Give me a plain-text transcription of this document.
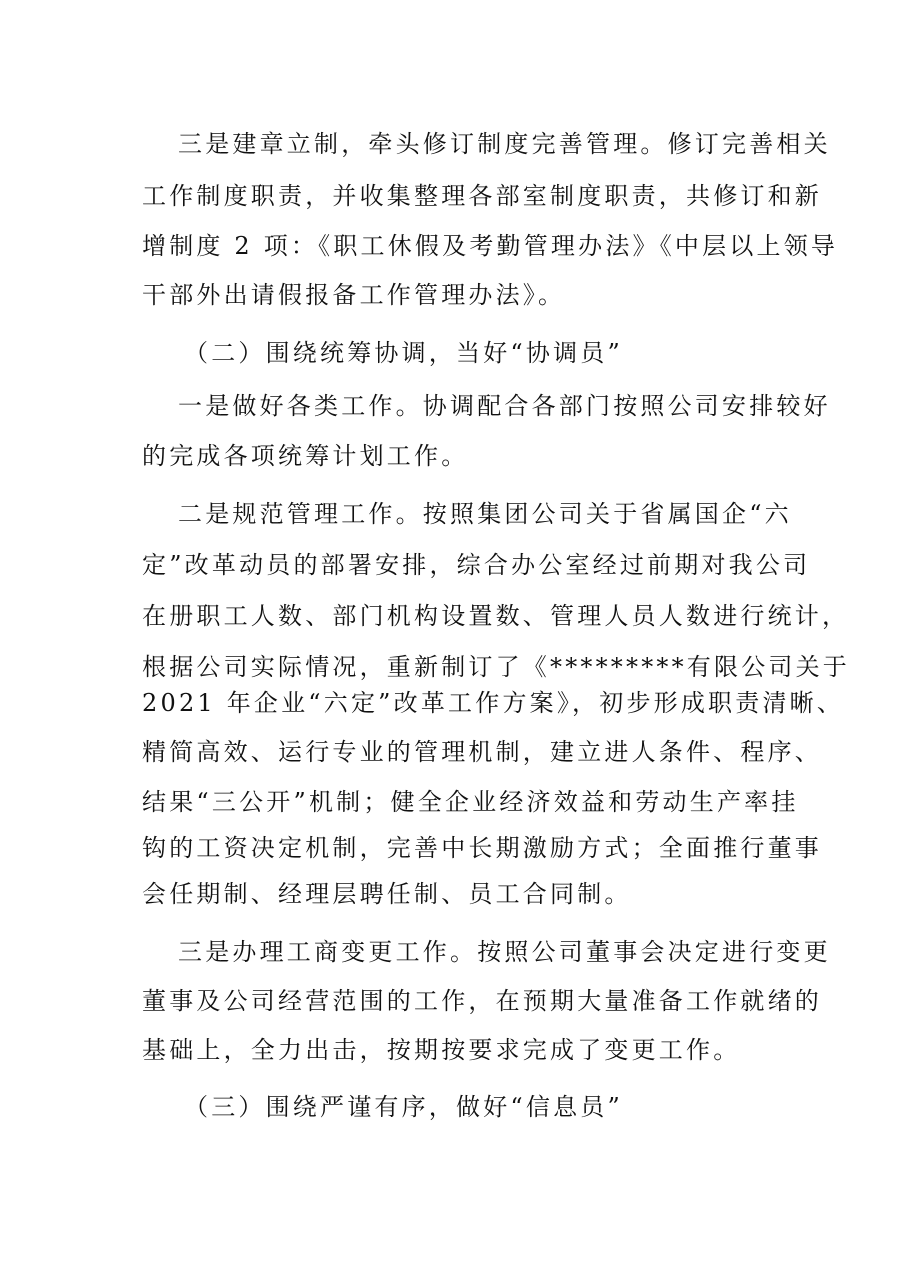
三是建章立制，牵头修订制度完善管理。修订完善相关
工作制度职责，并收集整理各部室制度职责，共修订和新
增制度 2 项：《职工休假及考勤管理办法》《中层以上领导
干部外出请假报备工作管理办法》。
（二）围绕统筹协调，当好“协调员”
一是做好各类工作。协调配合各部门按照公司安排较好
的完成各项统筹计划工作。
二是规范管理工作。按照集团公司关于省属国企“六
定”改革动员的部署安排，综合办公室经过前期对我公司
在册职工人数、部门机构设置数、管理人员人数进行统计，
根据公司实际情况，重新制订了《*********有限公司关于
2021 年企业“六定”改革工作方案》，初步形成职责清晰、
精简高效、运行专业的管理机制，建立进人条件、程序、
结果“三公开”机制；健全企业经济效益和劳动生产率挂
钩的工资决定机制，完善中长期激励方式；全面推行董事
会任期制、经理层聘任制、员工合同制。
三是办理工商变更工作。按照公司董事会决定进行变更
董事及公司经营范围的工作，在预期大量准备工作就绪的
基础上，全力出击，按期按要求完成了变更工作。
（三）围绕严谨有序，做好“信息员”
